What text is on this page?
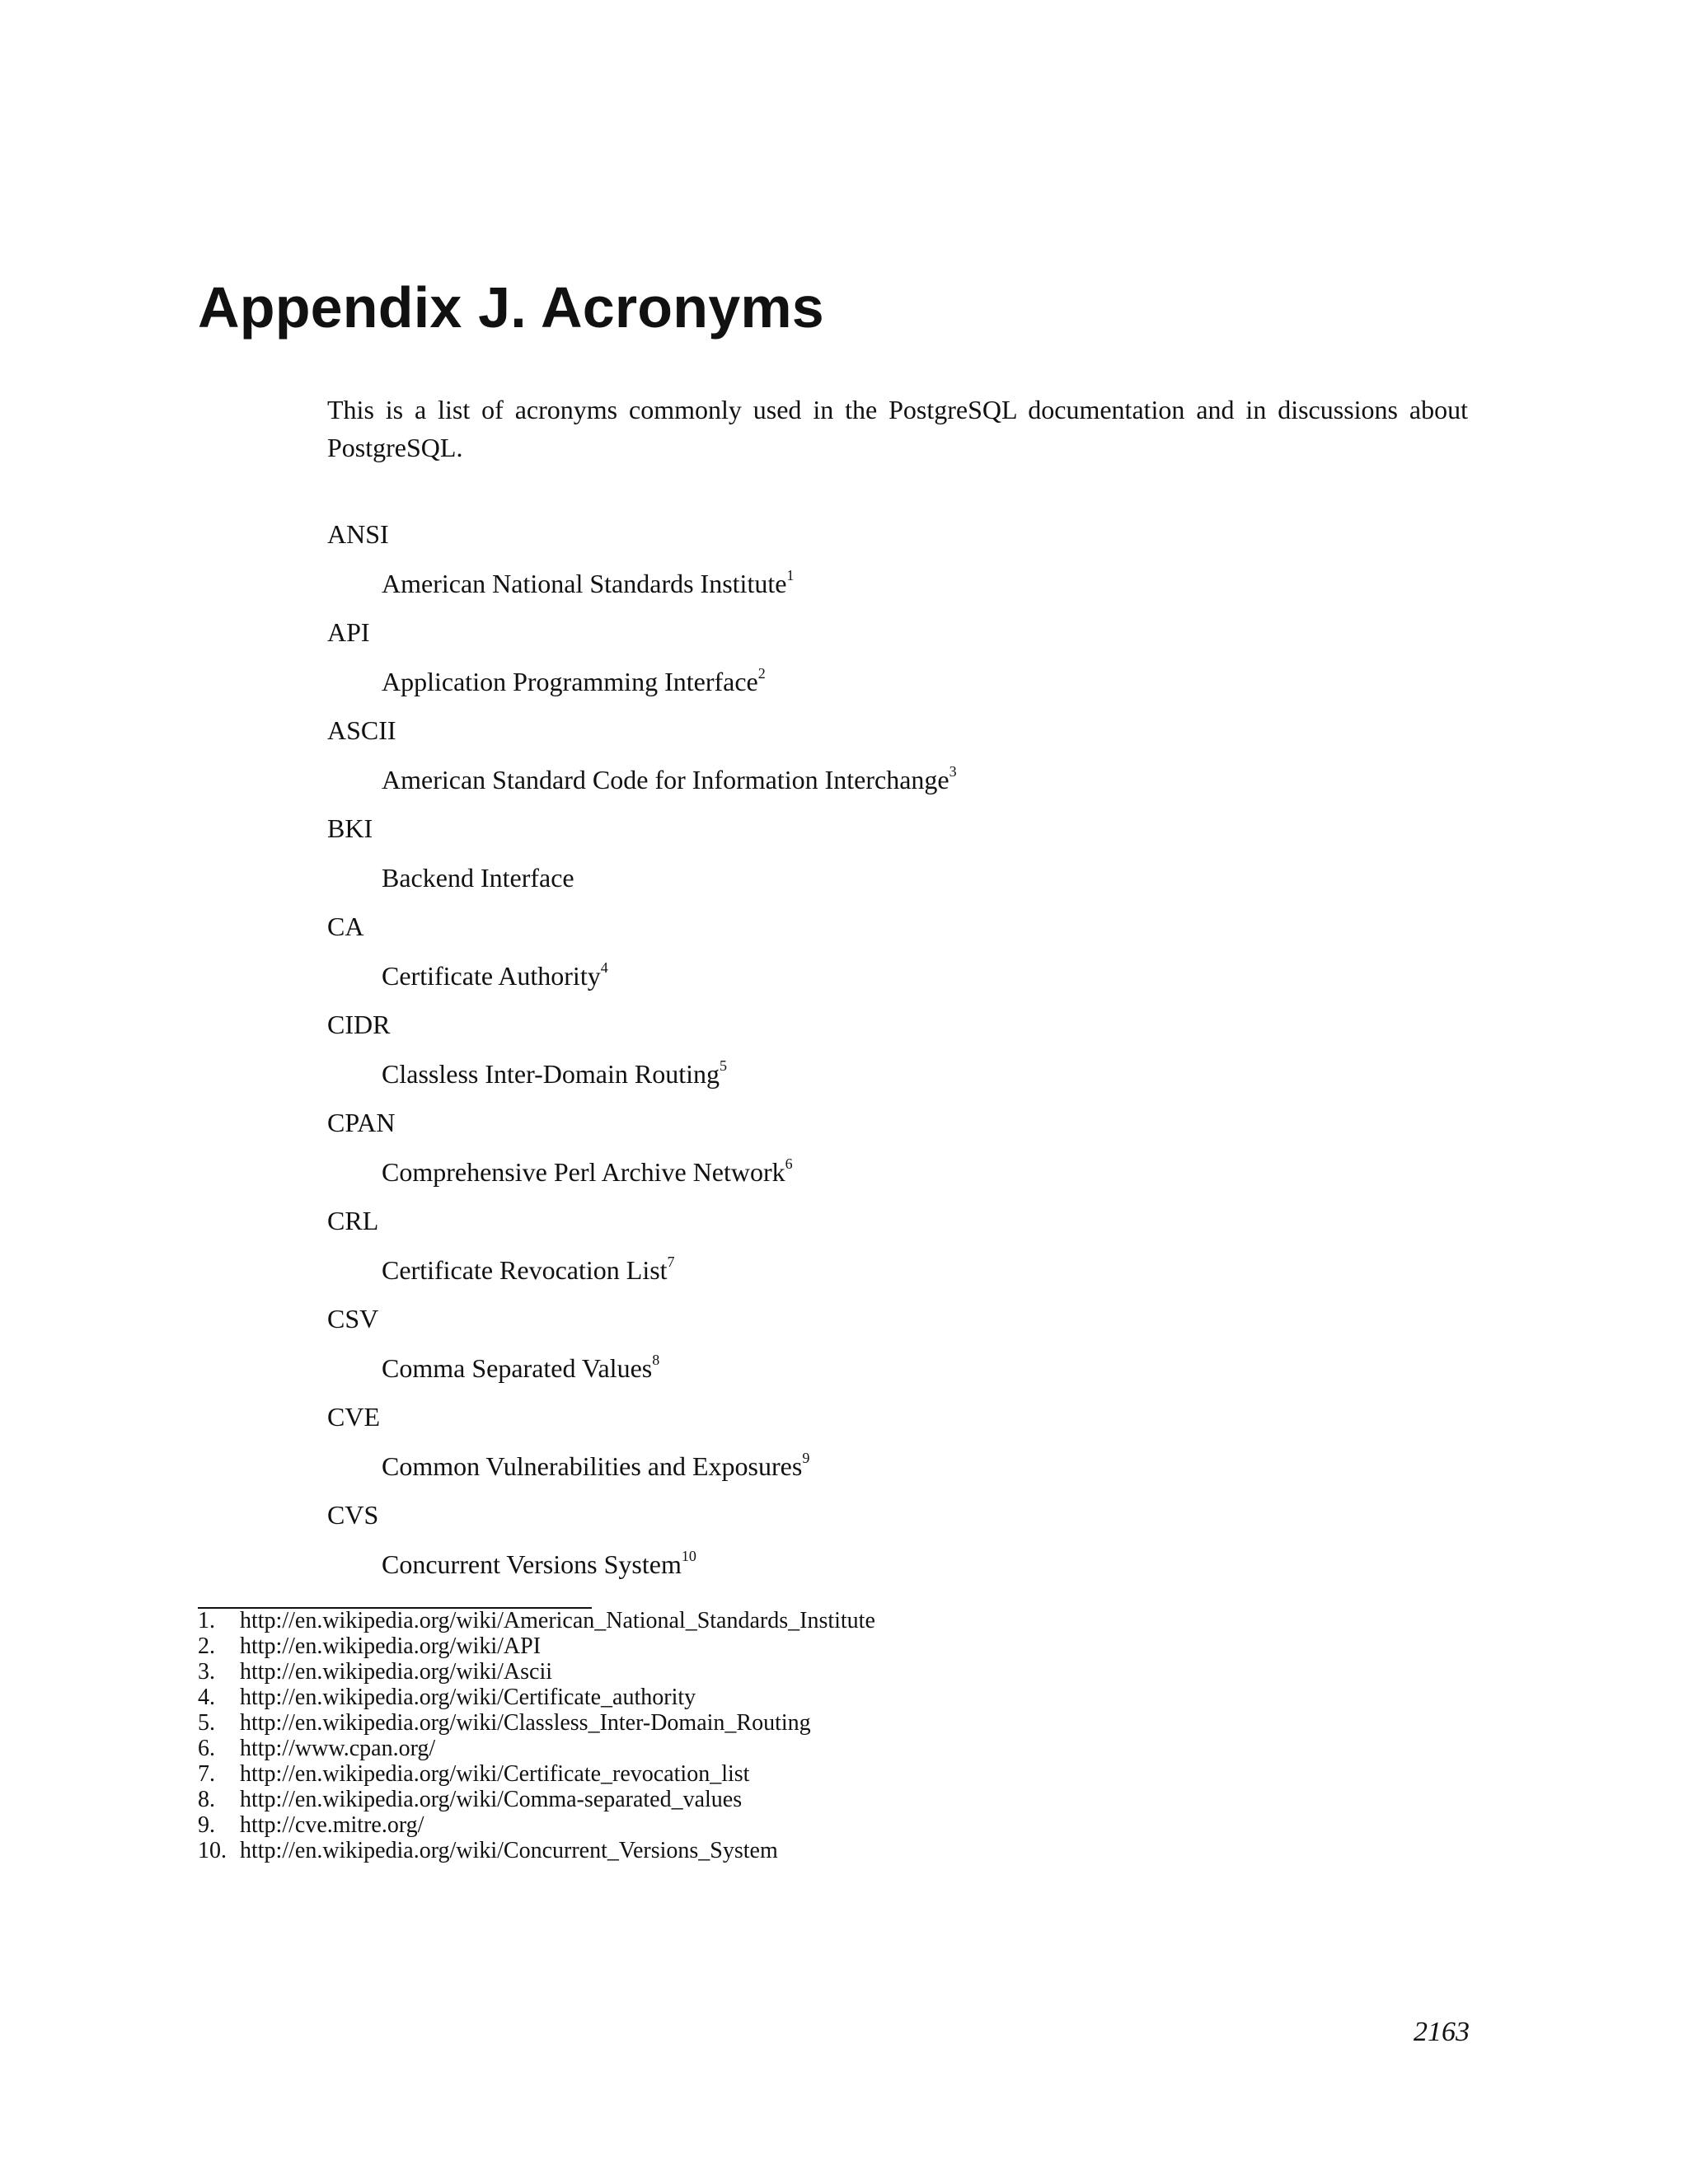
Appendix J. Acronyms

This is a list of acronyms commonly used in the PostgreSQL documentation and in discussions about PostgreSQL.

ANSI
American National Standards Institute$^1$
API
Application Programming Interface$^2$
ASCII
American Standard Code for Information Interchange$^3$
BKI
Backend Interface
CA
Certificate Authority$^4$
CIDR
Classless Inter-Domain Routing$^5$
CPAN
Comprehensive Perl Archive Network$^6$
CRL
Certificate Revocation List$^7$
CSV
Comma Separated Values$^8$
CVE
Common Vulnerabilities and Exposures$^9$
CVS
Concurrent Versions System$^{10}$
1. http://en.wikipedia.org/wiki/American_National_Standards_Institute
2. http://en.wikipedia.org/wiki/API
3. http://en.wikipedia.org/wiki/Ascii
4. http://en.wikipedia.org/wiki/Certificate_authority
5. http://en.wikipedia.org/wiki/Classless_Inter-Domain_Routing
6. http://www.cpan.org/
7. http://en.wikipedia.org/wiki/Certificate_revocation_list
8. http://en.wikipedia.org/wiki/Comma-separated_values
9. http://cve.mitre.org/
10. http://en.wikipedia.org/wiki/Concurrent_Versions_System
2163
